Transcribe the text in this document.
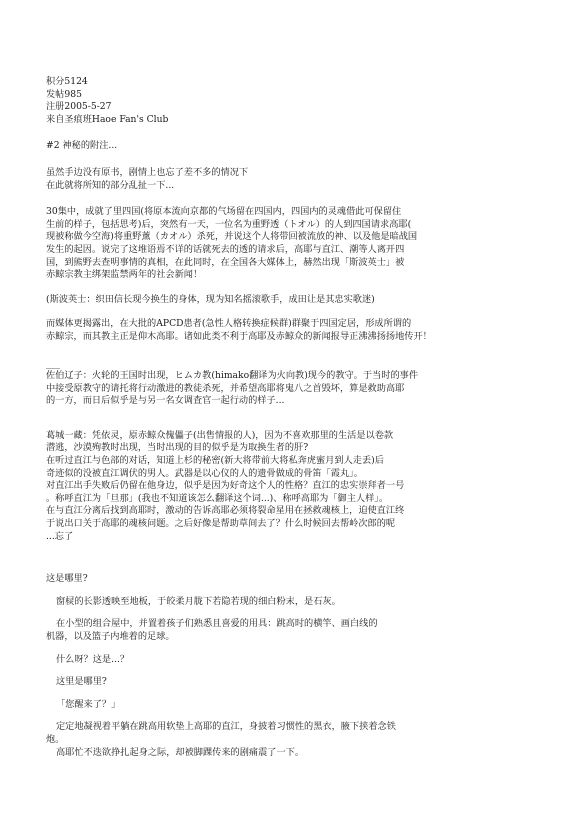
积分5124
发帖985
注册2005-5-27
来自圣痕班Haoe Fan's Club
#2 神秘的附注...
虽然手边没有原书，剧情上也忘了差不多的情况下
在此就将所知的部分乱扯一下...
30集中，成就了里四国(将原本流向京都的气场留在四国内，四国内的灵魂借此可保留住
生前的样子，包括思考)后，突然有一天，一位名为重野透（トオル）的人到四国请求高耶(
现被称做今空海)将重野薰（カオル）杀死，并说这个人将带回被流放的神、以及他是暗战国
发生的起因。说完了这堆语焉不详的话就死去的透的请求后，高耶与直江、潮等人离开四
国，到熊野去查明事情的真相，在此同时，在全国各大媒体上，赫然出现「斯波英士」被
赤鲸宗教主绑架监禁两年的社会新闻！
(斯波英士：织田信长现今换生的身体，现为知名摇滚歌手，成田让是其忠实歌迷)
而媒体更揭露出，在大批的APCD患者(急性人格转换症候群)群聚于四国定居，形成所谓的
赤鲸宗，而其教主正是仰木高耶。诸如此类不利于高耶及赤鲸众的新闻报导正沸沸扬扬地传开！
___
佐伯辽子：火轮的王国时出现，ヒムカ教(himako翻译为火向教)现今的教守。于当时的事件
中接受原教守的请托将行动激进的教徒杀死，并希望高耶将鬼八之首毁坏，算是救助高耶
的一方，而日后似乎是与另一名女调査官一起行动的样子...
葛城一藏：凭依灵，原赤鲸众傀儡子(出售情报的人)，因为不喜欢那里的生活是以卷款
潜逃，沙漠殉教时出现，当时出现的目的似乎是为取换生者的肝?
在听过直江与色部的对话，知道上杉的秘密(新大将带前大将私奔虎蜜月到人走丢)后
奇迹似的没被直江调伏的男人。武器是以心仪的人的遗骨做成的骨笛「霞丸」。
对直江出手失败后仍留在他身边，似乎是因为好奇这个人的性格？直江的忠实崇拜者一号
。称呼直江为「旦那」(我也不知道该怎么翻译这个词...)、称呼高耶为「御主人样」。
在与直江分离后找到高耶时，激动的告诉高耶必须将裂命星用在拯救魂核上，迫使直江终
于说出口关于高耶的魂核问题。之后好像是帮助草间去了？什么时候回去帮岭次郎的呢
...忘了
这是哪里?
窗棂的长影透映至地板，于皎柔月胧下若隐若现的细白粉末，是石灰。
在小型的组合屋中，并置着孩子们熟悉且喜爱的用具：跳高时的横竿、画白线的
机器，以及篮子内堆着的足球。
什么呀？这是...？
这里是哪里?
「您醒来了？」
定定地凝视着平躺在跳高用软垫上高耶的直江，身披着习惯性的黑衣，腋下挟着念铁
炮。
高耶忙不迭欲挣扎起身之际，却被脚踝传来的剧痛震了一下。
